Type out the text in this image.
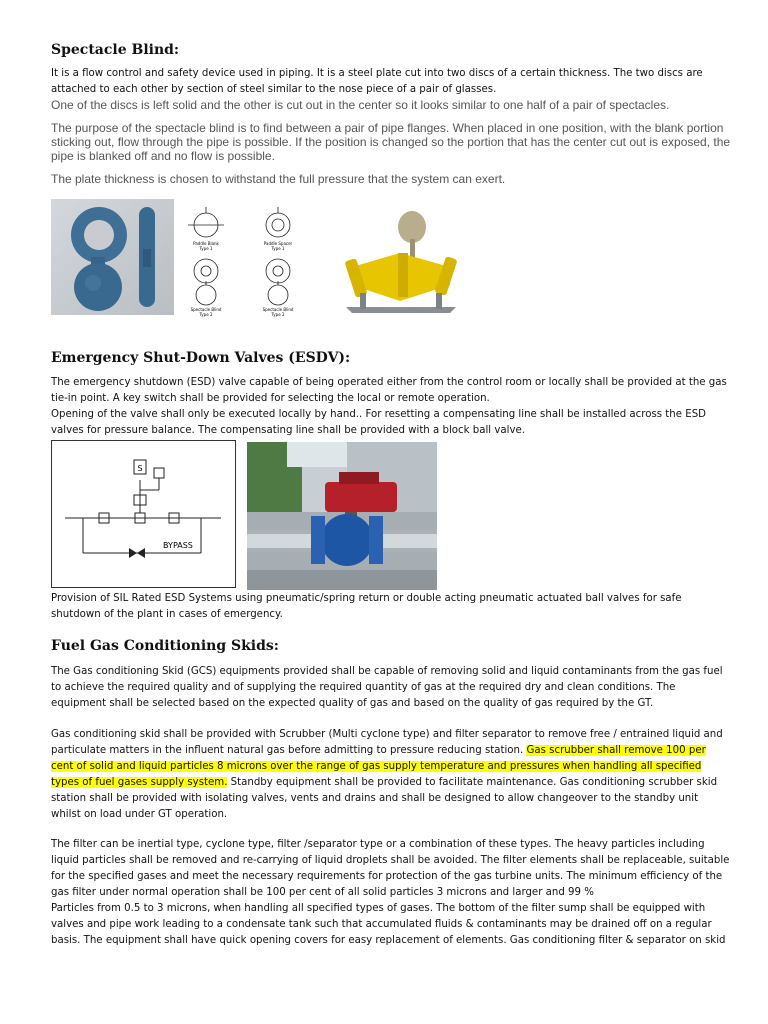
Spectacle Blind:

It is a flow control and safety device used in piping. It is a steel plate cut into two discs of a certain thickness. The two discs are attached to each other by section of steel similar to the nose piece of a pair of glasses.

One of the discs is left solid and the other is cut out in the center so it looks similar to one half of a pair of spectacles.

The purpose of the spectacle blind is to find between a pair of pipe flanges. When placed in one position, with the blank portion sticking out, flow through the pipe is possible. If the position is changed so the portion that has the center cut out is exposed, the pipe is blanked off and no flow is possible.

The plate thickness is chosen to withstand the full pressure that the system can exert.

Paddle Blank
Type 1
Paddle Spacer
Type 1
Spectacle Blind
Type 2
Spectacle Blind
Type 2
Emergency Shut-Down Valves (ESDV):

The emergency shutdown (ESD) valve capable of being operated either from the control room or locally shall be provided at the gas tie-in point. A key switch shall be provided for selecting the local or remote operation.

Opening of the valve shall only be executed locally by hand.. For resetting a compensating line shall be installed across the ESD valves for pressure balance. The compensating line shall be provided with a block ball valve.

S
BYPASS

Provision of SIL Rated ESD Systems using pneumatic/spring return or double acting pneumatic actuated ball valves for safe shutdown of the plant in cases of emergency.

Fuel Gas Conditioning Skids:

The Gas conditioning Skid (GCS) equipments provided shall be capable of removing solid and liquid contaminants from the gas fuel to achieve the required quality and of supplying the required quantity of gas at the required dry and clean conditions. The equipment shall be selected based on the expected quality of gas and based on the quality of gas required by the GT.

Gas conditioning skid shall be provided with Scrubber (Multi cyclone type) and filter separator to remove free / entrained liquid and particulate matters in the influent natural gas before admitting to pressure reducing station. Gas scrubber shall remove 100 per cent of solid and liquid particles 8 microns over the range of gas supply temperature and pressures when handling all specified types of fuel gases supply system. Standby equipment shall be provided to facilitate maintenance. Gas conditioning scrubber skid station shall be provided with isolating valves, vents and drains and shall be designed to allow changeover to the standby unit whilst on load under GT operation.

The filter can be inertial type, cyclone type, filter /separator type or a combination of these types. The heavy particles including liquid particles shall be removed and re-carrying of liquid droplets shall be avoided. The filter elements shall be replaceable, suitable for the specified gases and meet the necessary requirements for protection of the gas turbine units. The minimum efficiency of the gas filter under normal operation shall be 100 per cent of all solid particles 3 microns and larger and 99 %

Particles from 0.5 to 3 microns, when handling all specified types of gases. The bottom of the filter sump shall be equipped with valves and pipe work leading to a condensate tank such that accumulated fluids & contaminants may be drained off on a regular basis. The equipment shall have quick opening covers for easy replacement of elements. Gas conditioning filter & separator on skid
